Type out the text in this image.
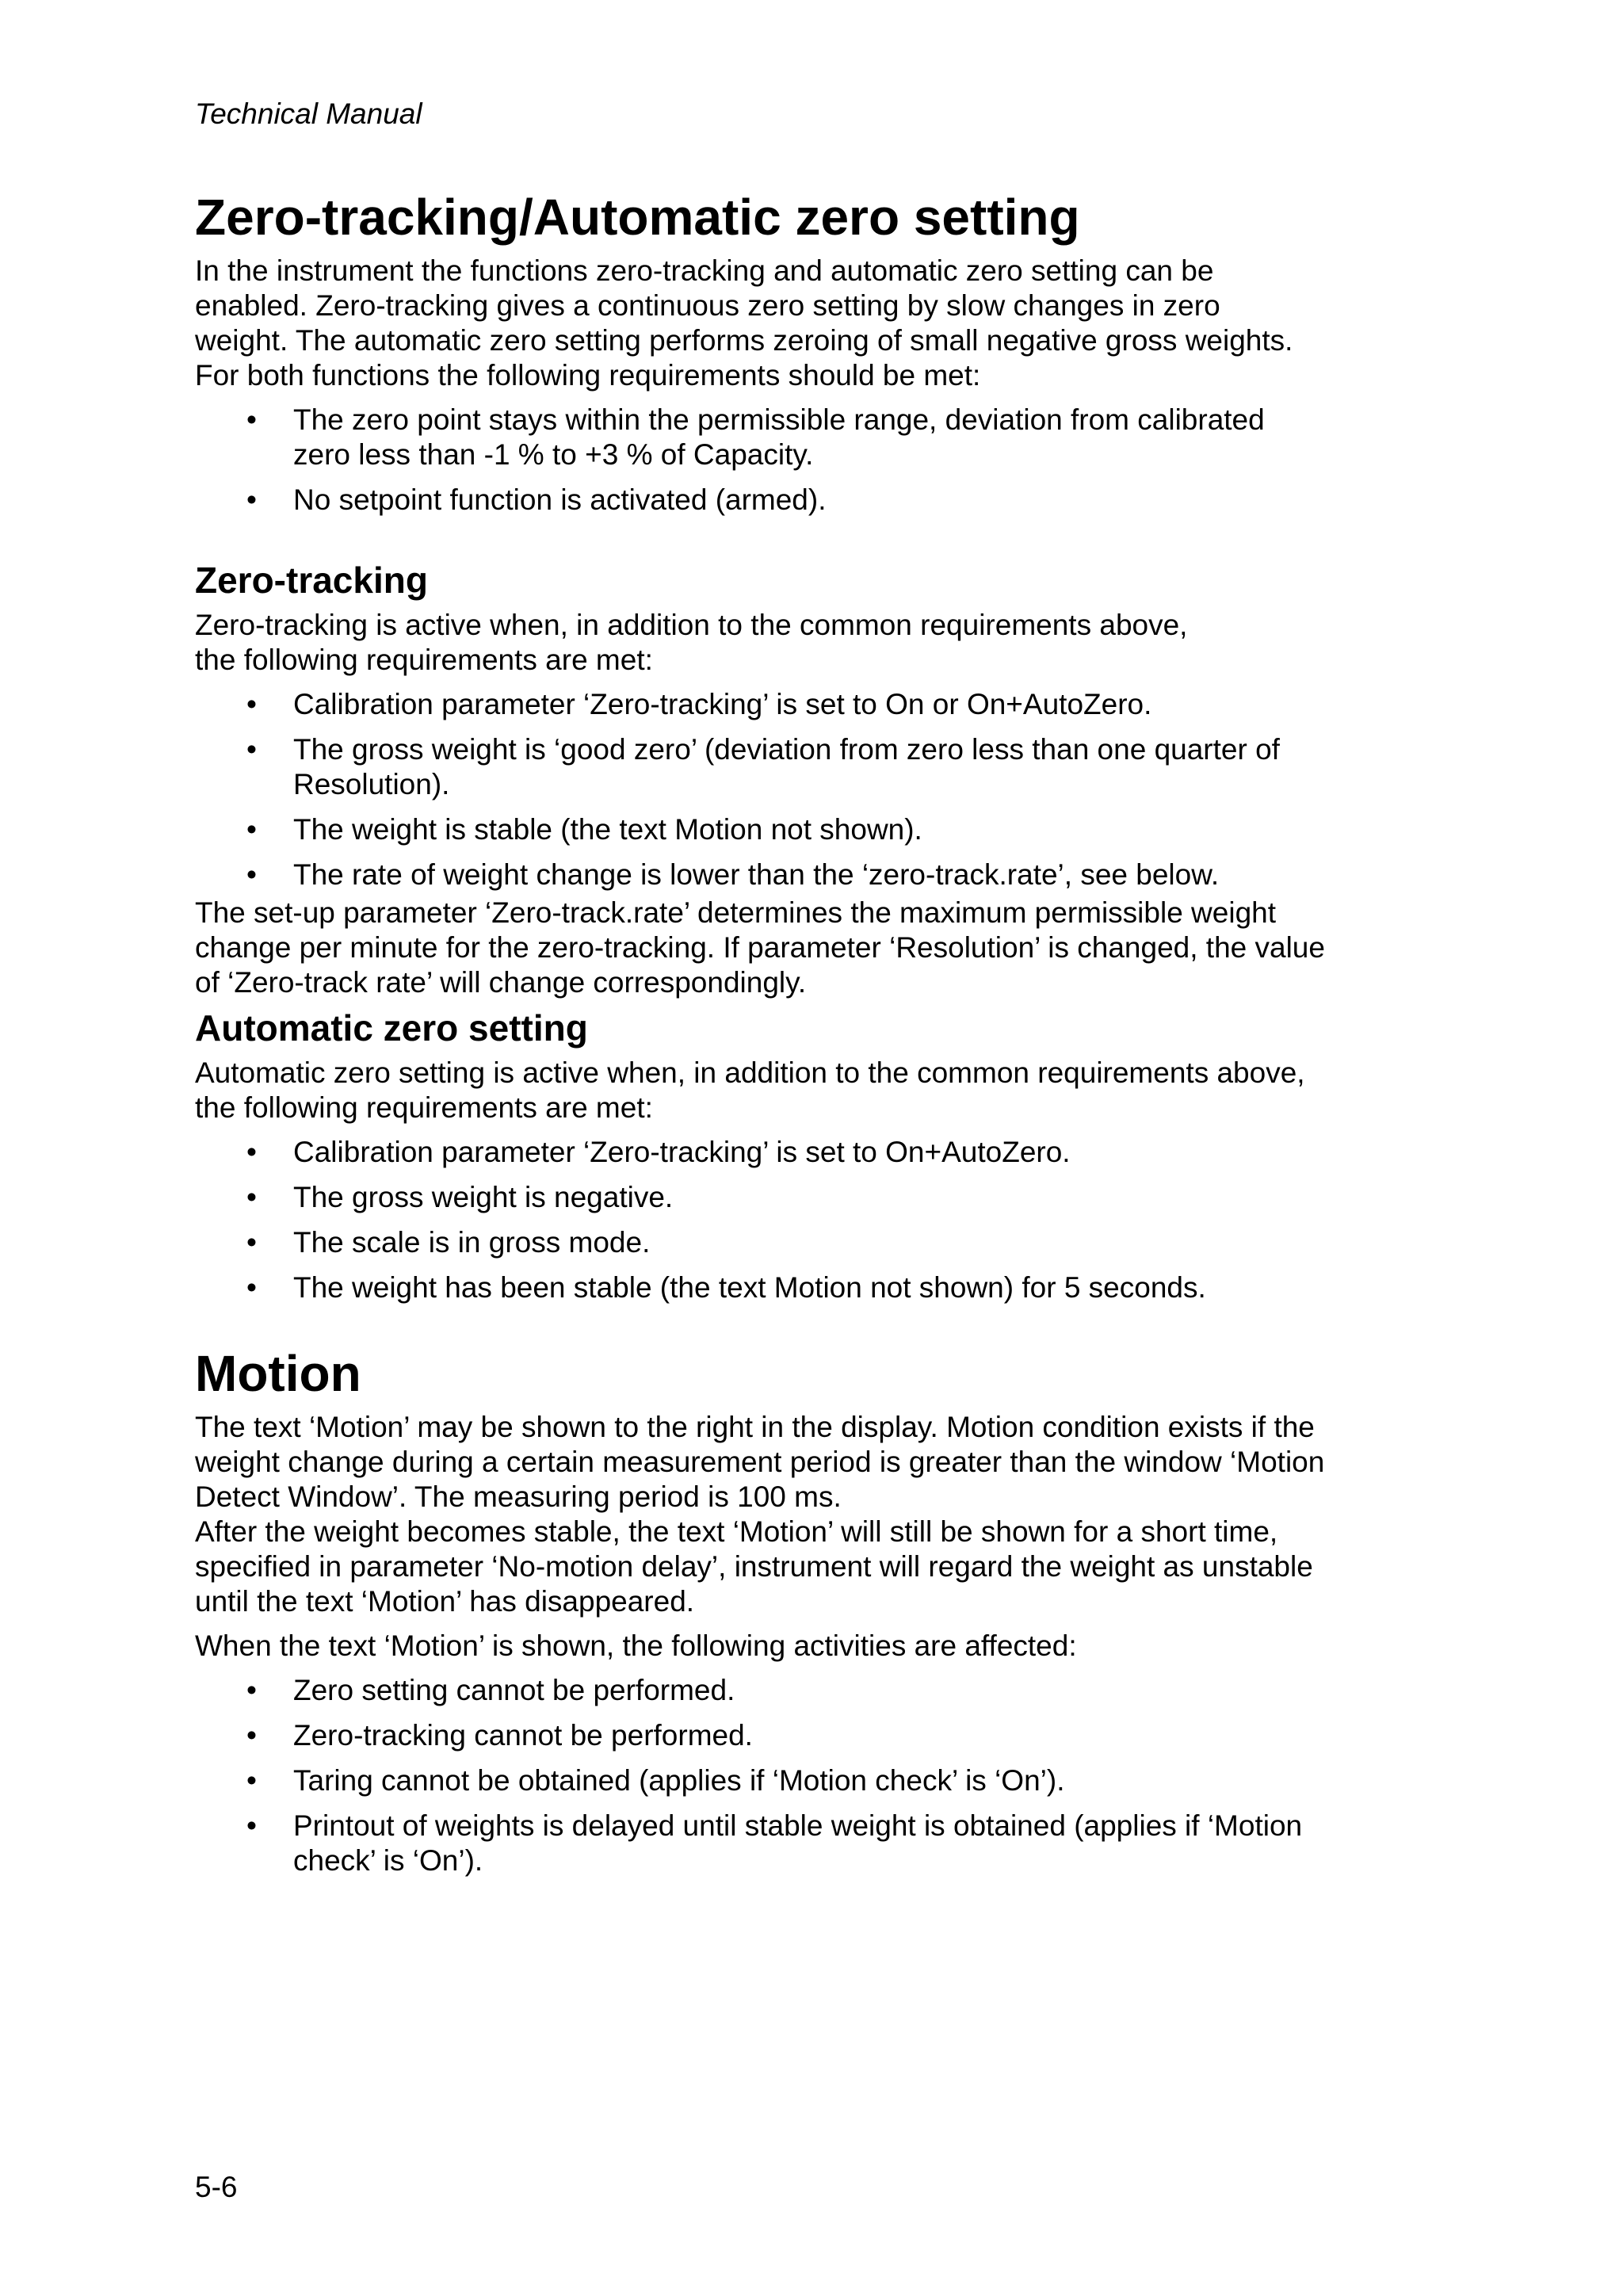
Technical Manual

Zero-tracking/Automatic zero setting

In the instrument the functions zero-tracking and automatic zero setting can be
enabled. Zero-tracking gives a continuous zero setting by slow changes in zero
weight. The automatic zero setting performs zeroing of small negative gross weights.
For both functions the following requirements should be met:

• The zero point stays within the permissible range, deviation from calibrated
zero less than -1 % to +3 % of Capacity.
• No setpoint function is activated (armed).
Zero-tracking

Zero-tracking is active when, in addition to the common requirements above,
the following requirements are met:

• Calibration parameter ‘Zero-tracking’ is set to On or On+AutoZero.
• The gross weight is ‘good zero’ (deviation from zero less than one quarter of
Resolution).
• The weight is stable (the text Motion not shown).
• The rate of weight change is lower than the ‘zero-track.rate’, see below.

The set-up parameter ‘Zero-track.rate’ determines the maximum permissible weight
change per minute for the zero-tracking. If parameter ‘Resolution’ is changed, the value
of ‘Zero-track rate’ will change correspondingly.

Automatic zero setting

Automatic zero setting is active when, in addition to the common requirements above,
the following requirements are met:

• Calibration parameter ‘Zero-tracking’ is set to On+AutoZero.
• The gross weight is negative.
• The scale is in gross mode.
• The weight has been stable (the text Motion not shown) for 5 seconds.
Motion

The text ‘Motion’ may be shown to the right in the display. Motion condition exists if the
weight change during a certain measurement period is greater than the window ‘Motion
Detect Window’. The measuring period is 100 ms.
After the weight becomes stable, the text ‘Motion’ will still be shown for a short time,
specified in parameter ‘No-motion delay’, instrument will regard the weight as unstable
until the text ‘Motion’ has disappeared.

When the text ‘Motion’ is shown, the following activities are affected:

• Zero setting cannot be performed.
• Zero-tracking cannot be performed.
• Taring cannot be obtained (applies if ‘Motion check’ is ‘On’).
• Printout of weights is delayed until stable weight is obtained (applies if ‘Motion
check’ is ‘On’).

5-6
